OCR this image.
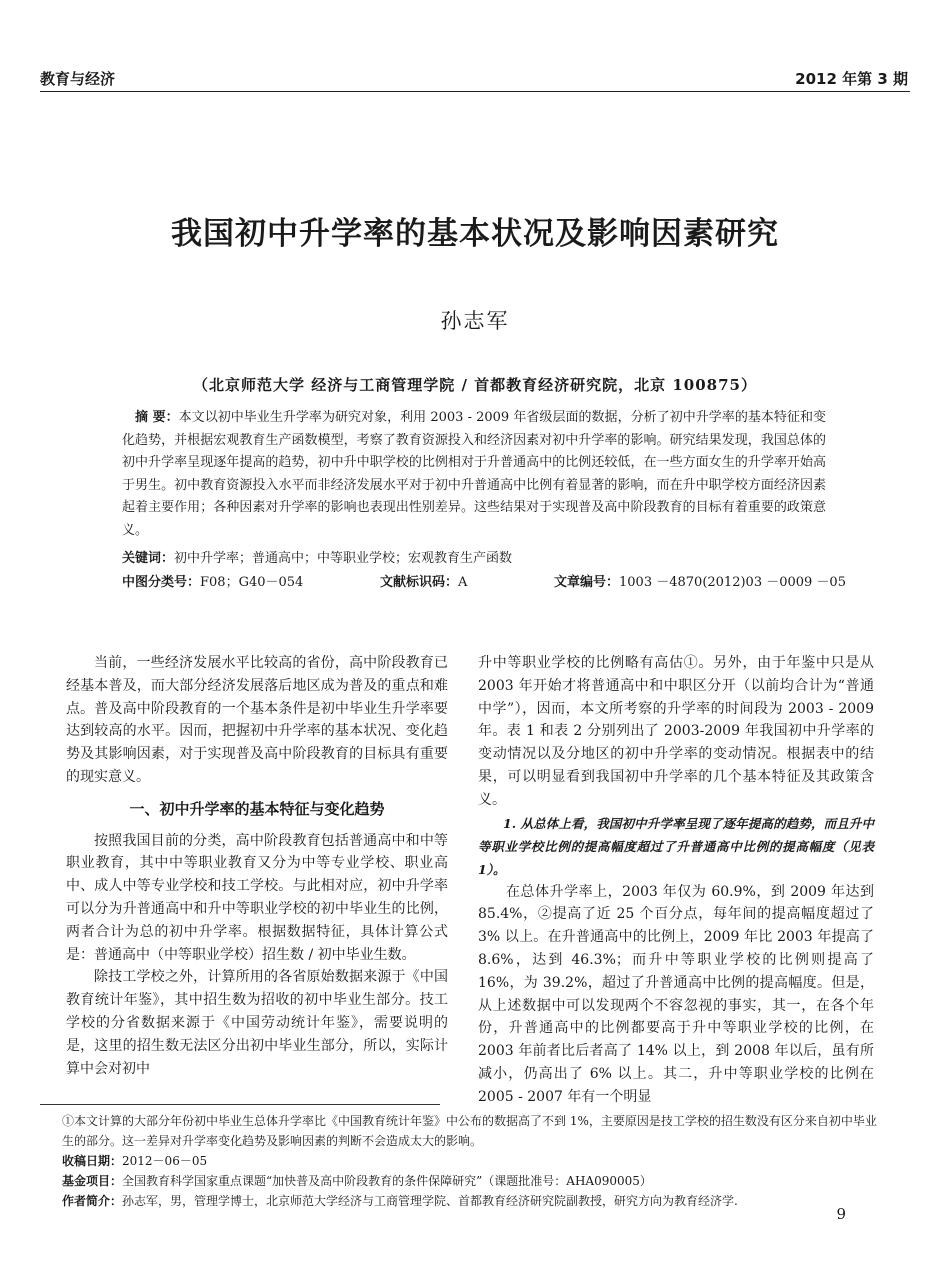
教育与经济	2012 年第 3 期
我国初中升学率的基本状况及影响因素研究
孙志军
（北京师范大学 经济与工商管理学院 / 首都教育经济研究院，北京 100875）
摘 要：本文以初中毕业生升学率为研究对象，利用 2003 - 2009 年省级层面的数据，分析了初中升学率的基本特征和变化趋势，并根据宏观教育生产函数模型，考察了教育资源投入和经济因素对初中升学率的影响。研究结果发现，我国总体的初中升学率呈现逐年提高的趋势，初中升中职学校的比例相对于升普通高中的比例还较低，在一些方面女生的升学率开始高于男生。初中教育资源投入水平而非经济发展水平对于初中升普通高中比例有着显著的影响，而在升中职学校方面经济因素起着主要作用；各种因素对升学率的影响也表现出性别差异。这些结果对于实现普及高中阶段教育的目标有着重要的政策意义。
关键词：初中升学率；普通高中；中等职业学校；宏观教育生产函数
中图分类号：F08；G40－054	文献标识码：A	文章编号：1003 －4870(2012)03 －0009 －05

当前，一些经济发展水平比较高的省份，高中阶段教育已经基本普及，而大部分经济发展落后地区成为普及的重点和难点。普及高中阶段教育的一个基本条件是初中毕业生升学率要达到较高的水平。因而，把握初中升学率的基本状况、变化趋势及其影响因素，对于实现普及高中阶段教育的目标具有重要的现实意义。

一、初中升学率的基本特征与变化趋势

按照我国目前的分类，高中阶段教育包括普通高中和中等职业教育，其中中等职业教育又分为中等专业学校、职业高中、成人中等专业学校和技工学校。与此相对应，初中升学率可以分为升普通高中和升中等职业学校的初中毕业生的比例，两者合计为总的初中升学率。根据数据特征，具体计算公式是：普通高中（中等职业学校）招生数 / 初中毕业生数。

除技工学校之外，计算所用的各省原始数据来源于《中国教育统计年鉴》，其中招生数为招收的初中毕业生部分。技工学校的分省数据来源于《中国劳动统计年鉴》，需要说明的是，这里的招生数无法区分出初中毕业生部分，所以，实际计算中会对初中

升中等职业学校的比例略有高估①。另外，由于年鉴中只是从 2003 年开始才将普通高中和中职区分开（以前均合计为“普通中学”），因而，本文所考察的升学率的时间段为 2003 - 2009 年。表 1 和表 2 分别列出了 2003-2009 年我国初中升学率的变动情况以及分地区的初中升学率的变动情况。根据表中的结果，可以明显看到我国初中升学率的几个基本特征及其政策含义。

1. 从总体上看，我国初中升学率呈现了逐年提高的趋势，而且升中等职业学校比例的提高幅度超过了升普通高中比例的提高幅度（见表 1）。

在总体升学率上，2003 年仅为 60.9%，到 2009 年达到 85.4%，②提高了近 25 个百分点，每年间的提高幅度超过了 3% 以上。在升普通高中的比例上，2009 年比 2003 年提高了 8.6%，达到 46.3%；而升中等职业学校的比例则提高了 16%，为 39.2%，超过了升普通高中比例的提高幅度。但是，从上述数据中可以发现两个不容忽视的事实，其一，在各个年份，升普通高中的比例都要高于升中等职业学校的比例，在 2003 年前者比后者高了 14% 以上，到 2008 年以后，虽有所减小，仍高出了 6% 以上。其二，升中等职业学校的比例在 2005 - 2007 年有一个明显

①本文计算的大部分年份初中毕业生总体升学率比《中国教育统计年鉴》中公布的数据高了不到 1%，主要原因是技工学校的招生数没有区分来自初中毕业生的部分。这一差异对升学率变化趋势及影响因素的判断不会造成太大的影响。

收稿日期：2012－06－05

基金项目：全国教育科学国家重点课题“加快普及高中阶段教育的条件保障研究”（课题批准号：AHA090005）

作者简介：孙志军，男，管理学博士，北京师范大学经济与工商管理学院、首都教育经济研究院副教授，研究方向为教育经济学.

9
